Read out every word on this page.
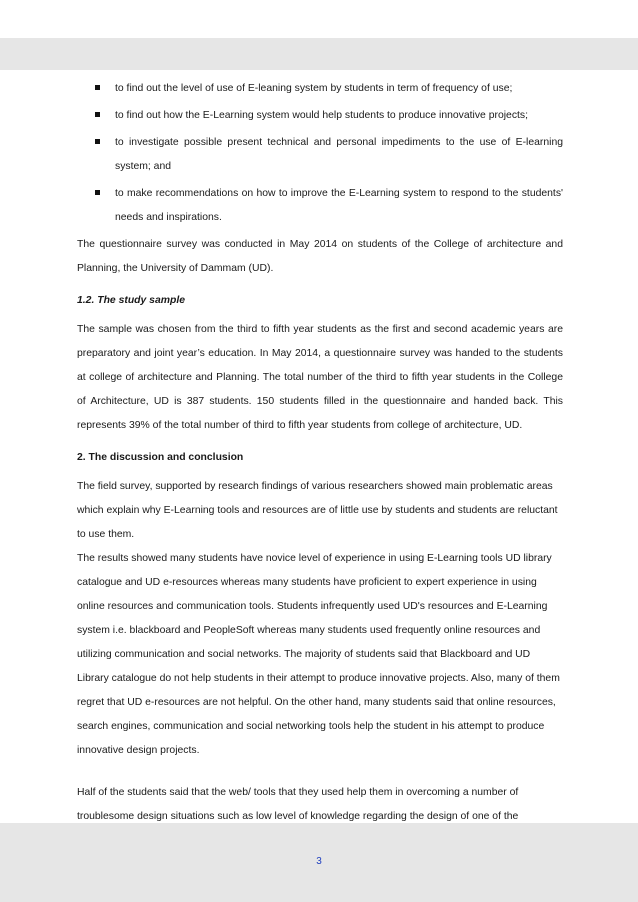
to find out the level of use of E-leaning system by students in term of frequency of use;
to find out how the E-Learning system would help students to produce innovative projects;
to investigate possible present technical and personal impediments to the use of E-learning system; and
to make recommendations on how to improve the E-Learning system to respond to the students' needs and inspirations.

The questionnaire survey was conducted in May 2014 on students of the College of architecture and Planning, the University of Dammam (UD).

1.2. The study sample

The sample was chosen from the third to fifth year students as the first and second academic years are preparatory and joint year’s education. In May 2014, a questionnaire survey was handed to the students at college of architecture and Planning. The total number of the third to fifth year students in the College of Architecture, UD is 387 students. 150 students filled in the questionnaire and handed back. This represents 39% of the total number of third to fifth year students from college of architecture, UD.

2. The discussion and conclusion

The field survey, supported by research findings of various researchers showed main problematic areas which explain why E-Learning tools and resources are of little use by students and students are reluctant to use them.

The results showed many students have novice level of experience in using E-Learning tools UD library catalogue and UD e-resources whereas many students have proficient to expert experience in using online resources and communication tools. Students infrequently used UD's resources and E-Learning system i.e. blackboard and PeopleSoft whereas many students used frequently online resources and utilizing communication and social networks. The majority of students said that Blackboard and UD Library catalogue do not help students in their attempt to produce innovative projects. Also, many of them regret that UD e-resources are not helpful. On the other hand, many students said that online resources, search engines, communication and social networking tools help the student in his attempt to produce innovative design projects.

Half of the students said that the web/ tools that they used help them in overcoming a number of troublesome design situations such as low level of knowledge regarding the design of one of the

3
